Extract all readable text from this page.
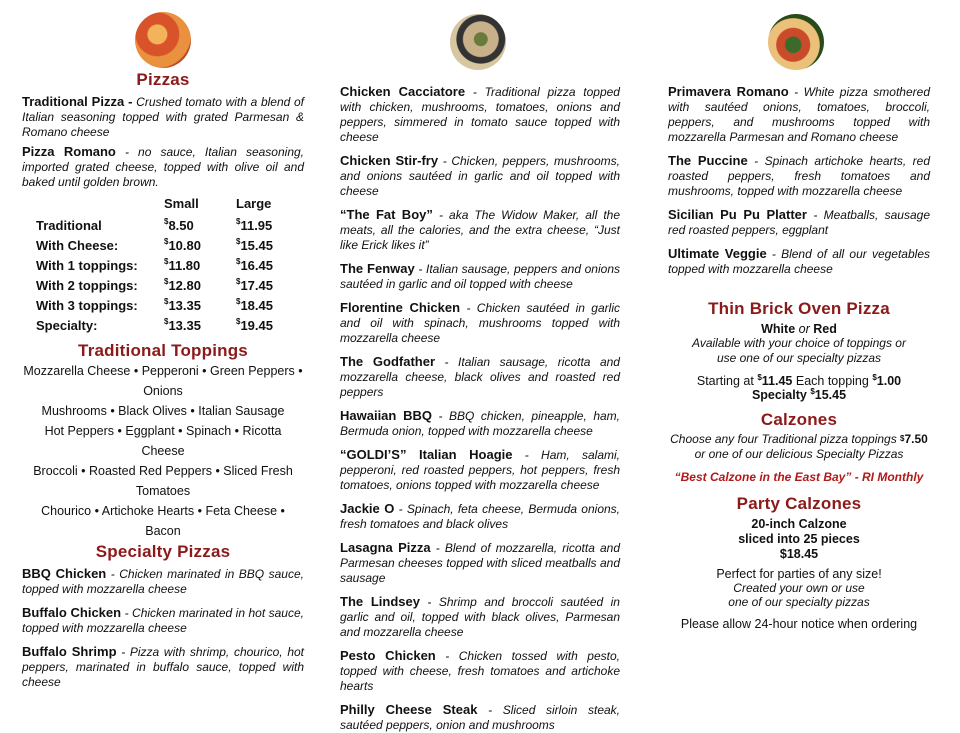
Pizzas
Traditional Pizza - Crushed tomato with a blend of Italian seasoning topped with grated Parmesan & Romano cheese
Pizza Romano - no sauce, Italian seasoning, imported grated cheese, topped with olive oil and baked until golden brown.
	Small	Large
Traditional	$8.50	$11.95
With Cheese:	$10.80	$15.45
With 1 toppings:	$11.80	$16.45
With 2 toppings:	$12.80	$17.45
With 3 toppings:	$13.35	$18.45
Specialty:	$13.35	$19.45
Traditional Toppings
Mozzarella Cheese • Pepperoni • Green Peppers • Onions
Mushrooms • Black Olives • Italian Sausage
Hot Peppers • Eggplant • Spinach • Ricotta Cheese
Broccoli • Roasted Red Peppers • Sliced Fresh Tomatoes
Chourico • Artichoke Hearts • Feta Cheese • Bacon
Specialty Pizzas
BBQ Chicken - Chicken marinated in BBQ sauce, topped with mozzarella cheese
Buffalo Chicken - Chicken marinated in hot sauce, topped with mozzarella cheese
Buffalo Shrimp - Pizza with shrimp, chourico, hot peppers, marinated in buffalo sauce, topped with cheese
Chicken Cacciatore - Traditional pizza topped with chicken, mushrooms, tomatoes, onions and peppers, simmered in tomato sauce topped with cheese
Chicken Stir-fry - Chicken, peppers, mushrooms, and onions sautéed in garlic and oil topped with cheese
“The Fat Boy” - aka The Widow Maker, all the meats, all the calories, and the extra cheese, “Just like Erick likes it”
The Fenway - Italian sausage, peppers and onions sautéed in garlic and oil topped with cheese
Florentine Chicken - Chicken sautéed in garlic and oil with spinach, mushrooms topped with mozzarella cheese
The Godfather - Italian sausage, ricotta and mozzarella cheese, black olives and roasted red peppers
Hawaiian BBQ - BBQ chicken, pineapple, ham, Bermuda onion, topped with mozzarella cheese
“GOLDI’S” Italian Hoagie - Ham, salami, pepperoni, red roasted peppers, hot peppers, fresh tomatoes, onions topped with mozzarella cheese
Jackie O - Spinach, feta cheese, Bermuda onions, fresh tomatoes and black olives
Lasagna Pizza - Blend of mozzarella, ricotta and Parmesan cheeses topped with sliced meatballs and sausage
The Lindsey - Shrimp and broccoli sautéed in garlic and oil, topped with black olives, Parmesan and mozzarella cheese
Pesto Chicken - Chicken tossed with pesto, topped with cheese, fresh tomatoes and artichoke hearts
Philly Cheese Steak - Sliced sirloin steak, sautéed peppers, onion and mushrooms
Primavera Romano - White pizza smothered with sautéed onions, tomatoes, broccoli, peppers, and mushrooms topped with mozzarella Parmesan and Romano cheese
The Puccine - Spinach artichoke hearts, red roasted peppers, fresh tomatoes and mushrooms, topped with mozzarella cheese
Sicilian Pu Pu Platter - Meatballs, sausage red roasted peppers, eggplant
Ultimate Veggie - Blend of all our vegetables topped with mozzarella cheese
Thin Brick Oven Pizza
White or Red
Available with your choice of toppings or use one of our specialty pizzas
Starting at $11.45 Each topping $1.00
Specialty $15.45
Calzones
Choose any four Traditional pizza toppings $7.50
or one of our delicious Specialty Pizzas
“Best Calzone in the East Bay” - RI Monthly
Party Calzones
20-inch Calzone
sliced into 25 pieces
$18.45
Perfect for parties of any size!
Created your own or use one of our specialty pizzas
Please allow 24-hour notice when ordering
